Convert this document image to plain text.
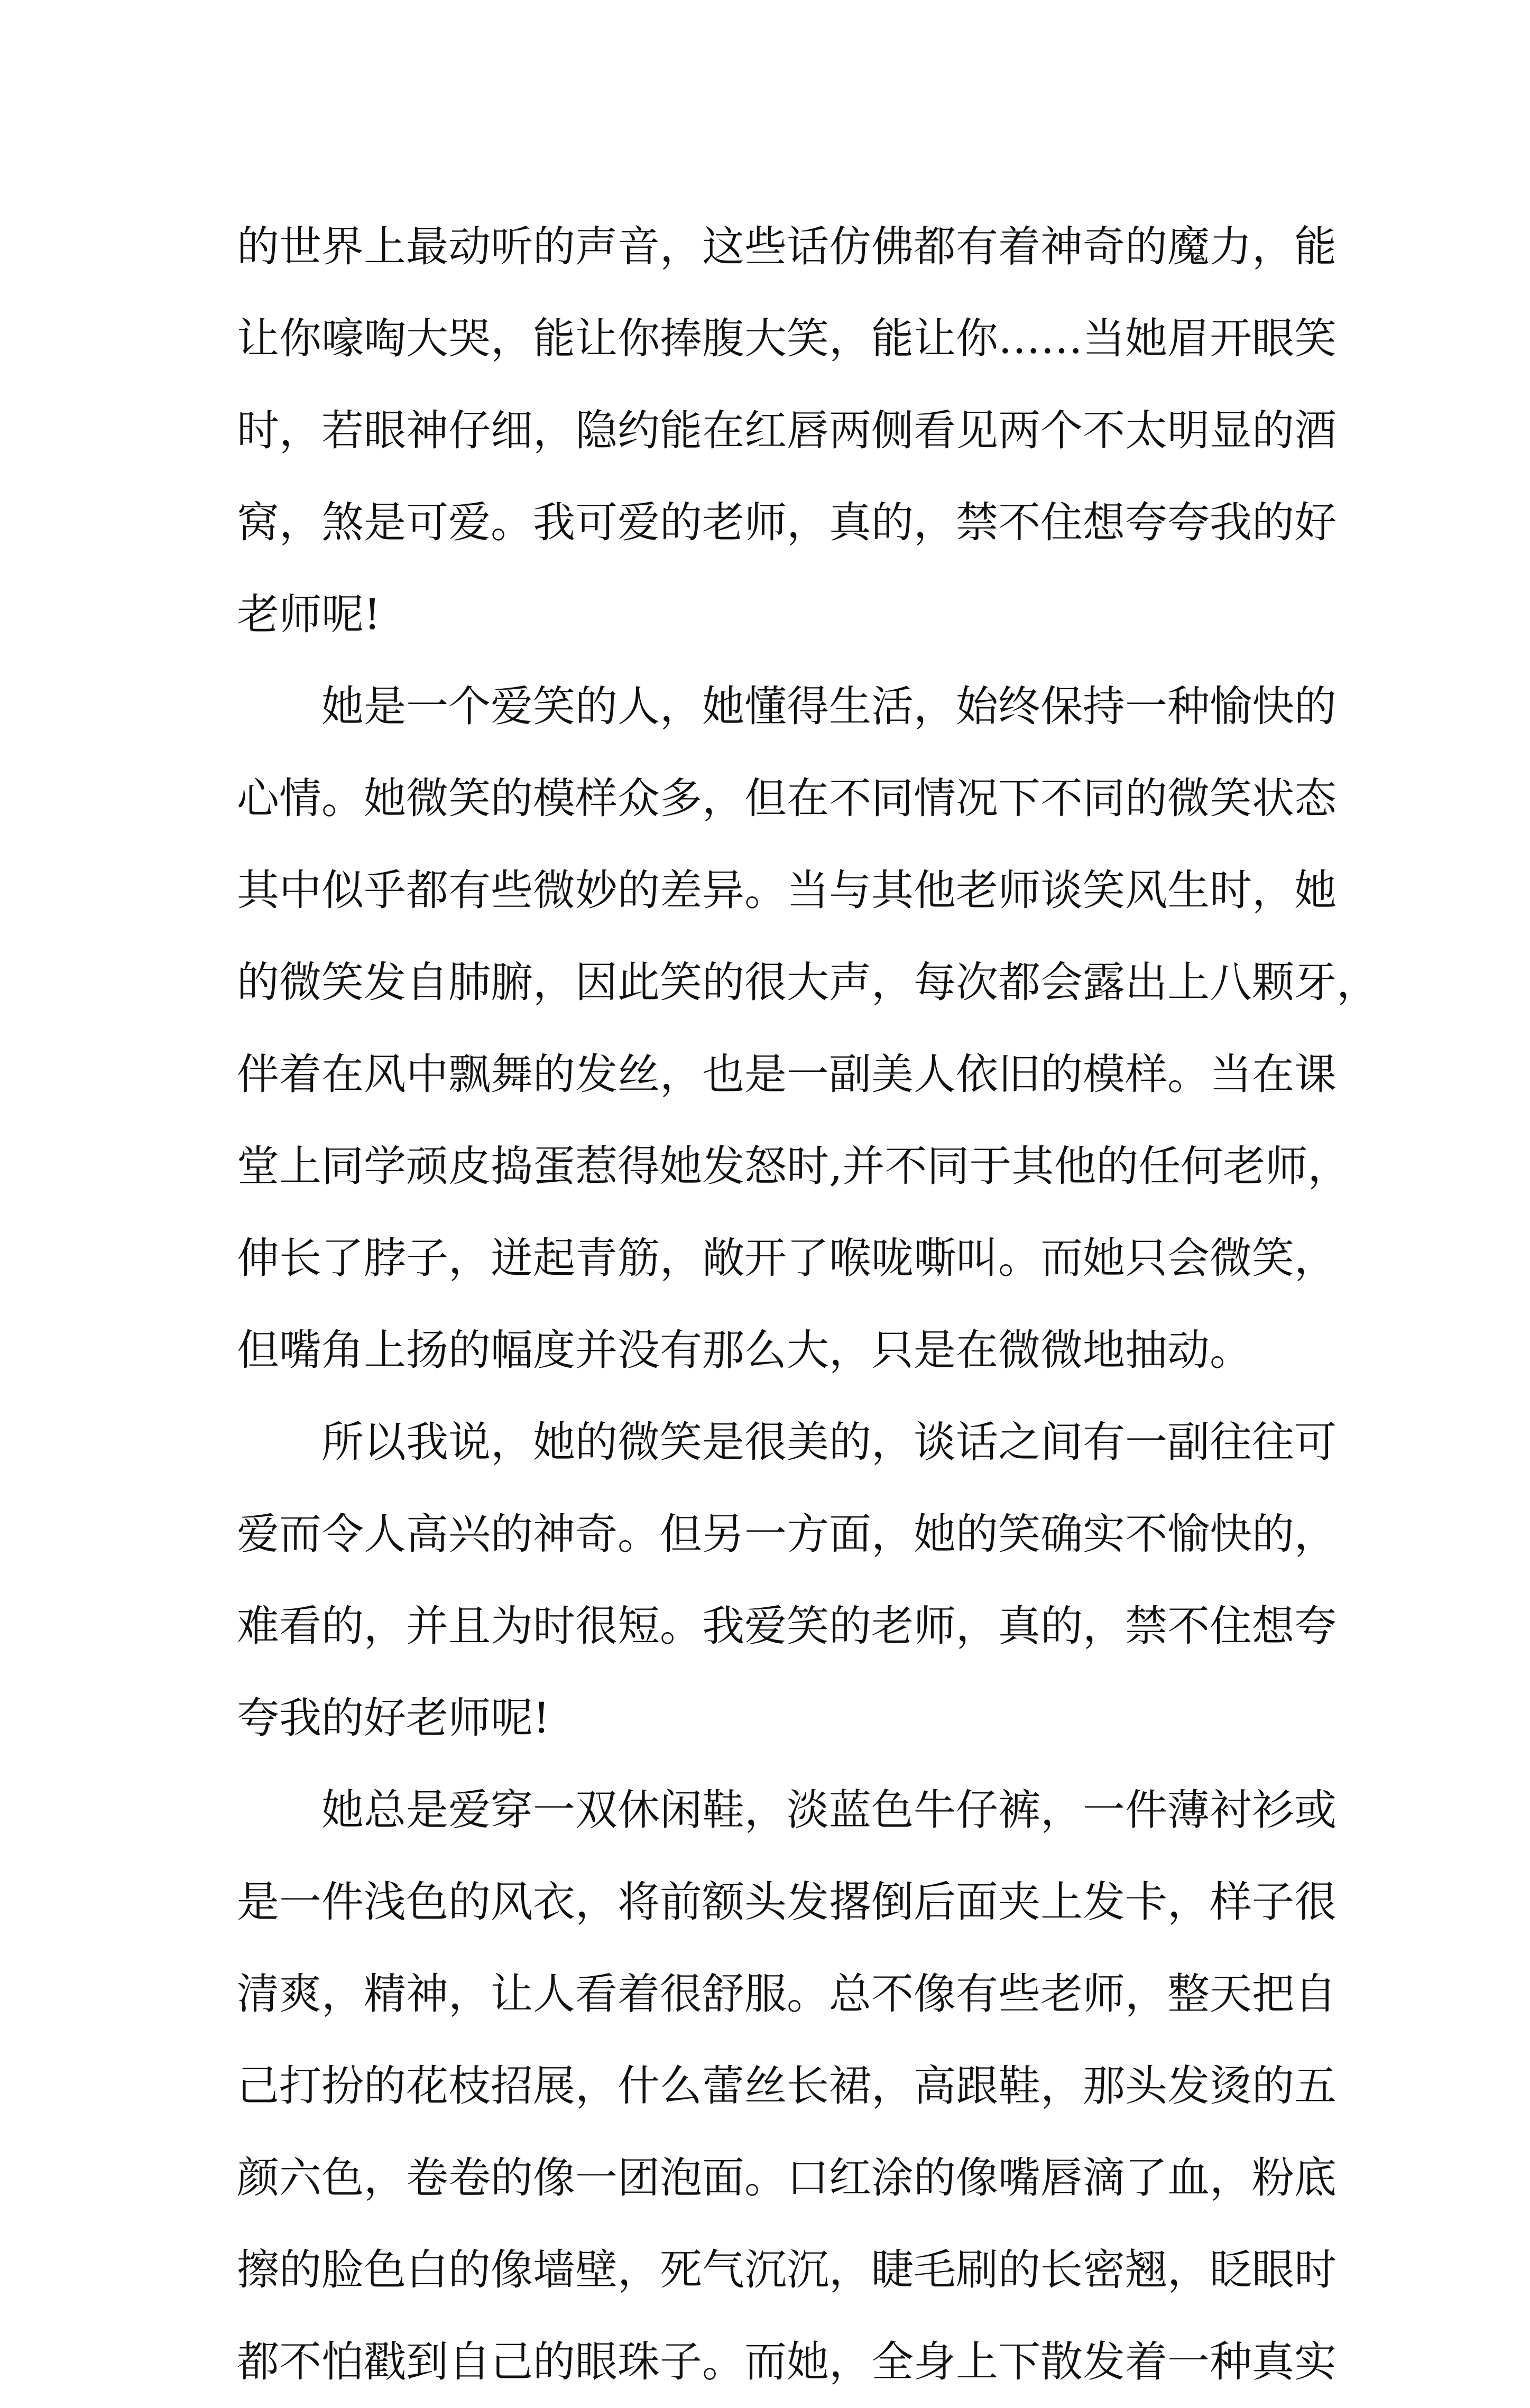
的世界上最动听的声音，这些话仿佛都有着神奇的魔力，能
让你嚎啕大哭，能让你捧腹大笑，能让你……当她眉开眼笑
时，若眼神仔细，隐约能在红唇两侧看见两个不太明显的酒
窝，煞是可爱。我可爱的老师，真的，禁不住想夸夸我的好
老师呢!
　　她是一个爱笑的人，她懂得生活，始终保持一种愉快的
心情。她微笑的模样众多，但在不同情况下不同的微笑状态
其中似乎都有些微妙的差异。当与其他老师谈笑风生时，她
的微笑发自肺腑，因此笑的很大声，每次都会露出上八颗牙，
伴着在风中飘舞的发丝，也是一副美人依旧的模样。当在课
堂上同学顽皮捣蛋惹得她发怒时,并不同于其他的任何老师，
伸长了脖子，迸起青筋，敞开了喉咙嘶叫。而她只会微笑，
但嘴角上扬的幅度并没有那么大，只是在微微地抽动。
　　所以我说，她的微笑是很美的，谈话之间有一副往往可
爱而令人高兴的神奇。但另一方面，她的笑确实不愉快的，
难看的，并且为时很短。我爱笑的老师，真的，禁不住想夸
夸我的好老师呢!
　　她总是爱穿一双休闲鞋，淡蓝色牛仔裤，一件薄衬衫或
是一件浅色的风衣，将前额头发撂倒后面夹上发卡，样子很
清爽，精神，让人看着很舒服。总不像有些老师，整天把自
己打扮的花枝招展，什么蕾丝长裙，高跟鞋，那头发烫的五
颜六色，卷卷的像一团泡面。口红涂的像嘴唇滴了血，粉底
擦的脸色白的像墙壁，死气沉沉，睫毛刷的长密翘，眨眼时
都不怕戳到自己的眼珠子。而她，全身上下散发着一种真实
